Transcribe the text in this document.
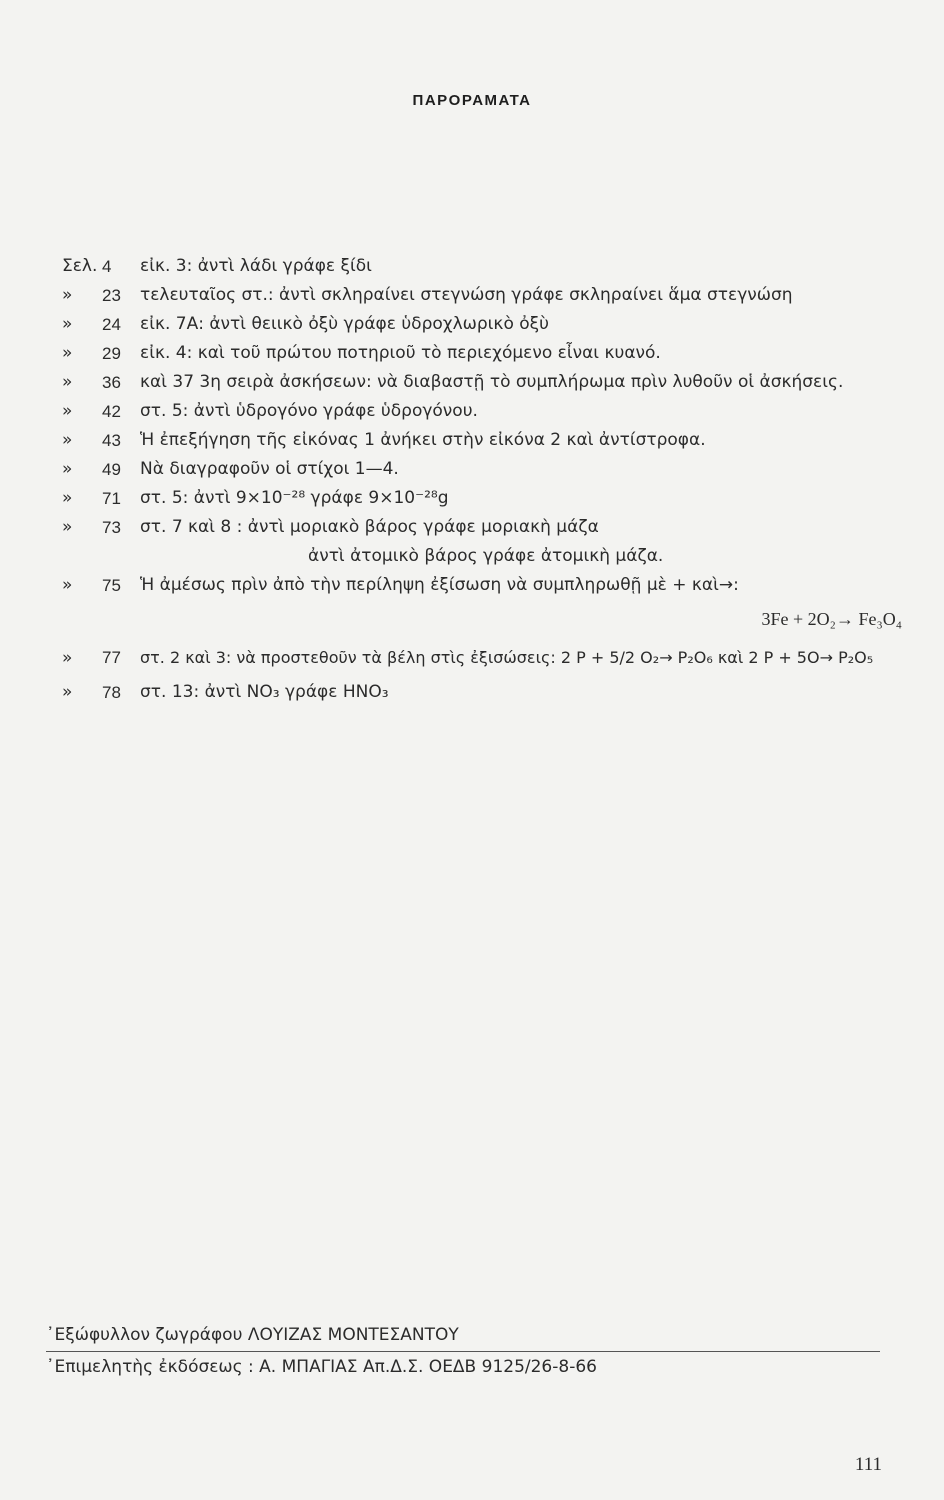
ΠΑΡΟΡΑΜΑΤΑ
Σελ. 4	εἰκ. 3: ἀντὶ λάδι γράφε ξίδι
»	23	τελευταῖος στ.: ἀντὶ σκληραίνει στεγνώση γράφε σκληραίνει ἅμα στεγνώση
»	24	εἰκ. 7Α: ἀντὶ θειικὸ ὀξὺ γράφε ὑδροχλωρικὸ ὀξὺ
»	29	εἰκ. 4: καὶ τοῦ πρώτου ποτηριοῦ τὸ περιεχόμενο εἶναι κυανό.
»	36	καὶ 37 3η σειρὰ ἀσκήσεων: νὰ διαβαστῇ τὸ συμπλήρωμα πρὶν λυθοῦν οἱ ἀσκήσεις.
»	42	στ. 5: ἀντὶ ὑδρογόνο γράφε ὑδρογόνου.
»	43	Ἡ ἐπεξήγηση τῆς εἰκόνας 1 ἀνήκει στὴν εἰκόνα 2 καὶ ἀντίστροφα.
»	49	Νὰ διαγραφοῦν οἱ στίχοι 1—4.
»	71	στ. 5: ἀντὶ 9×10⁻²⁸ γράφε 9×10⁻²⁸g
»	73	στ. 7 καὶ 8 : ἀντὶ μοριακὸ βάρος γράφε μοριακὴ μάζα
ἀντὶ ἀτομικὸ βάρος γράφε ἀτομικὴ μάζα.
»	75	Ἡ ἀμέσως πρὶν ἀπὸ τὴν περίληψη ἐξίσωση νὰ συμπληρωθῇ μὲ + καὶ→:
3Fe + 2O₂→ Fe₃O₄
»	77	στ. 2 καὶ 3: νὰ προστεθοῦν τὰ βέλη στὶς ἐξισώσεις: 2 P + 5/2 O₂→ P₂O₆ καὶ 2 P + 5O→ P₂O₅
»	78	στ. 13: ἀντὶ NO₃ γράφε HNO₃
᾿Εξώφυλλον ζωγράφου ΛΟΥΙΖΑΣ ΜΟΝΤΕΣΑΝΤΟΥ
᾿Επιμελητὴς ἐκδόσεως : Α. ΜΠΑΓΙΑΣ Απ.Δ.Σ. ΟΕΔΒ 9125/26-8-66
111
